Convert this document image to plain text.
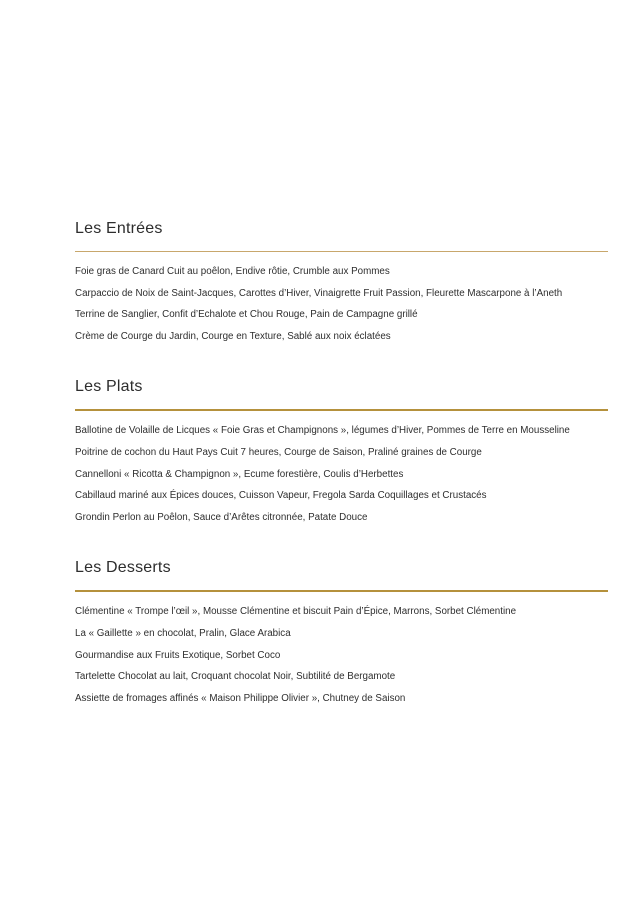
Les Entrées
Foie gras de Canard Cuit au poêlon, Endive rôtie, Crumble aux Pommes
Carpaccio de Noix de Saint-Jacques, Carottes d’Hiver, Vinaigrette Fruit Passion, Fleurette Mascarpone à l’Aneth
Terrine de Sanglier, Confit d’Echalote et Chou Rouge, Pain de Campagne grillé
Crème de Courge du Jardin, Courge en Texture, Sablé aux noix éclatées
Les Plats
Ballotine de Volaille de Licques « Foie Gras et Champignons », légumes d’Hiver, Pommes de Terre en Mousseline
Poitrine de cochon du Haut Pays Cuit 7 heures, Courge de Saison, Praliné graines de Courge
Cannelloni « Ricotta & Champignon », Ecume forestière, Coulis d’Herbettes
Cabillaud mariné aux Épices douces, Cuisson Vapeur, Fregola Sarda Coquillages et Crustacés
Grondin Perlon au Poêlon, Sauce d’Arêtes citronnée, Patate Douce
Les Desserts
Clémentine « Trompe l’œil », Mousse Clémentine et biscuit Pain d’Épice, Marrons, Sorbet Clémentine
La « Gaillette » en chocolat, Pralin, Glace Arabica
Gourmandise aux Fruits Exotique, Sorbet Coco
Tartelette Chocolat au lait, Croquant chocolat Noir, Subtilité de Bergamote
Assiette de fromages affinés « Maison Philippe Olivier », Chutney de Saison
